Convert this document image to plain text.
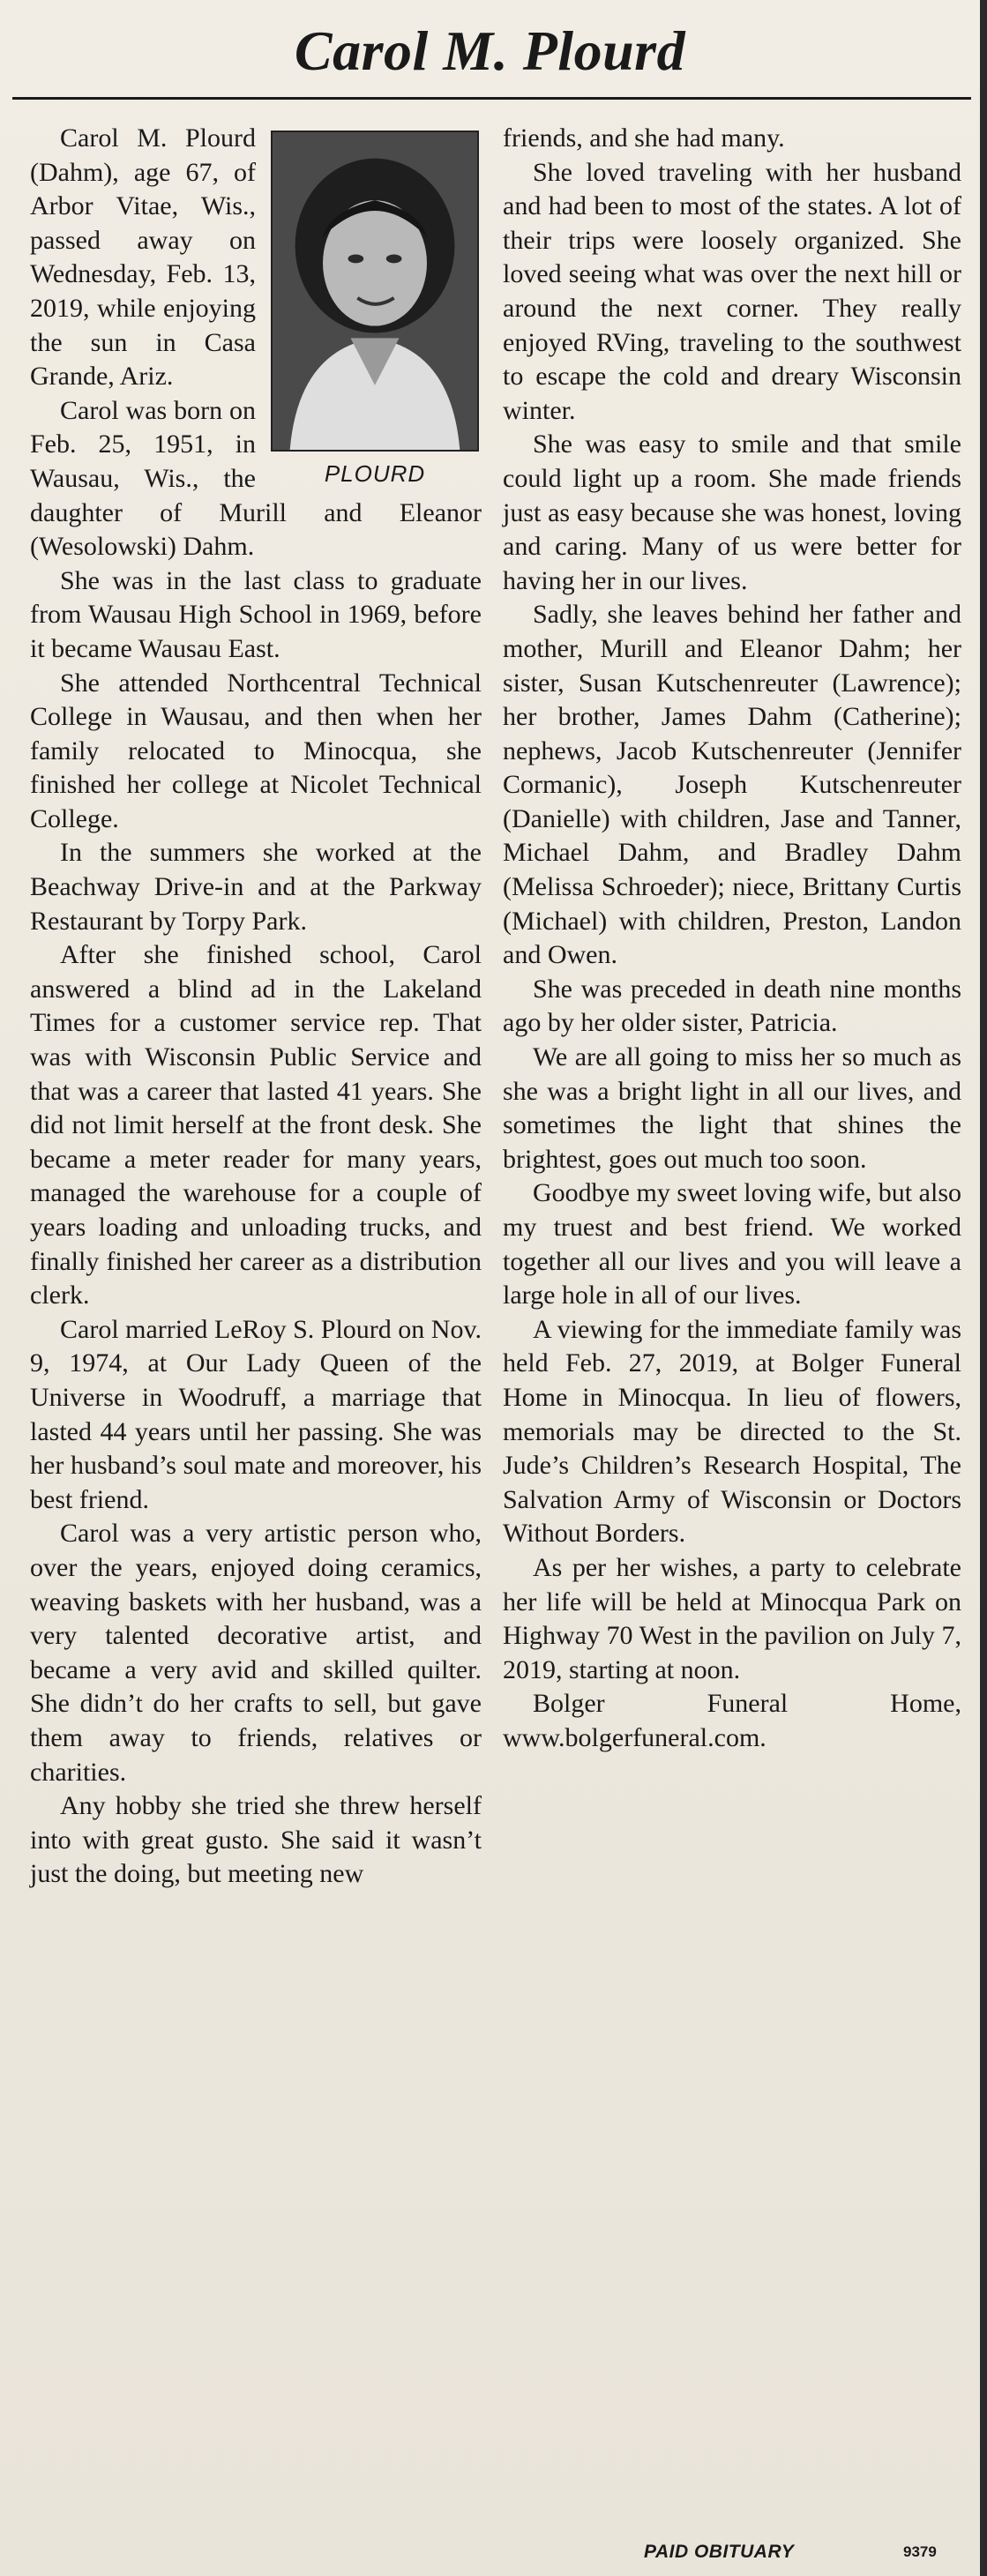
Carol M. Plourd
PLOURD

Carol M. Plourd (Dahm), age 67, of Arbor Vitae, Wis., passed away on Wednesday, Feb. 13, 2019, while enjoying the sun in Casa Grande, Ariz.

Carol was born on Feb. 25, 1951, in Wausau, Wis., the daughter of Murill and Eleanor (Wesolowski) Dahm.

She was in the last class to graduate from Wausau High School in 1969, before it became Wausau East.

She attended Northcentral Technical College in Wausau, and then when her family relocated to Minocqua, she finished her college at Nicolet Technical College.

In the summers she worked at the Beachway Drive-in and at the Parkway Restaurant by Torpy Park.

After she finished school, Carol answered a blind ad in the Lakeland Times for a customer service rep. That was with Wisconsin Public Service and that was a career that lasted 41 years. She did not limit herself at the front desk. She became a meter reader for many years, managed the warehouse for a couple of years loading and unloading trucks, and finally finished her career as a distribution clerk.

Carol married LeRoy S. Plourd on Nov. 9, 1974, at Our Lady Queen of the Universe in Woodruff, a marriage that lasted 44 years until her passing. She was her husband’s soul mate and moreover, his best friend.

Carol was a very artistic person who, over the years, enjoyed doing ceramics, weaving baskets with her husband, was a very talented decorative artist, and became a very avid and skilled quilter. She didn’t do her crafts to sell, but gave them away to friends, relatives or charities.

Any hobby she tried she threw herself into with great gusto. She said it wasn’t just the doing, but meeting new

friends, and she had many.

She loved traveling with her husband and had been to most of the states. A lot of their trips were loosely organized. She loved seeing what was over the next hill or around the next corner. They really enjoyed RVing, traveling to the southwest to escape the cold and dreary Wisconsin winter.

She was easy to smile and that smile could light up a room. She made friends just as easy because she was honest, loving and caring. Many of us were better for having her in our lives.

Sadly, she leaves behind her father and mother, Murill and Eleanor Dahm; her sister, Susan Kutschenreuter (Lawrence); her brother, James Dahm (Catherine); nephews, Jacob Kutschenreuter (Jennifer Cormanic), Joseph Kutschenreuter (Danielle) with children, Jase and Tanner, Michael Dahm, and Bradley Dahm (Melissa Schroeder); niece, Brittany Curtis (Michael) with children, Preston, Landon and Owen.

She was preceded in death nine months ago by her older sister, Patricia.

We are all going to miss her so much as she was a bright light in all our lives, and sometimes the light that shines the brightest, goes out much too soon.

Goodbye my sweet loving wife, but also my truest and best friend. We worked together all our lives and you will leave a large hole in all of our lives.

A viewing for the immediate family was held Feb. 27, 2019, at Bolger Funeral Home in Minocqua. In lieu of flowers, memorials may be directed to the St. Jude’s Children’s Research Hospital, The Salvation Army of Wisconsin or Doctors Without Borders.

As per her wishes, a party to celebrate her life will be held at Minocqua Park on Highway 70 West in the pavilion on July 7, 2019, starting at noon.

Bolger Funeral Home, www.bolgerfuneral.com.

PAID OBITUARY	9379
